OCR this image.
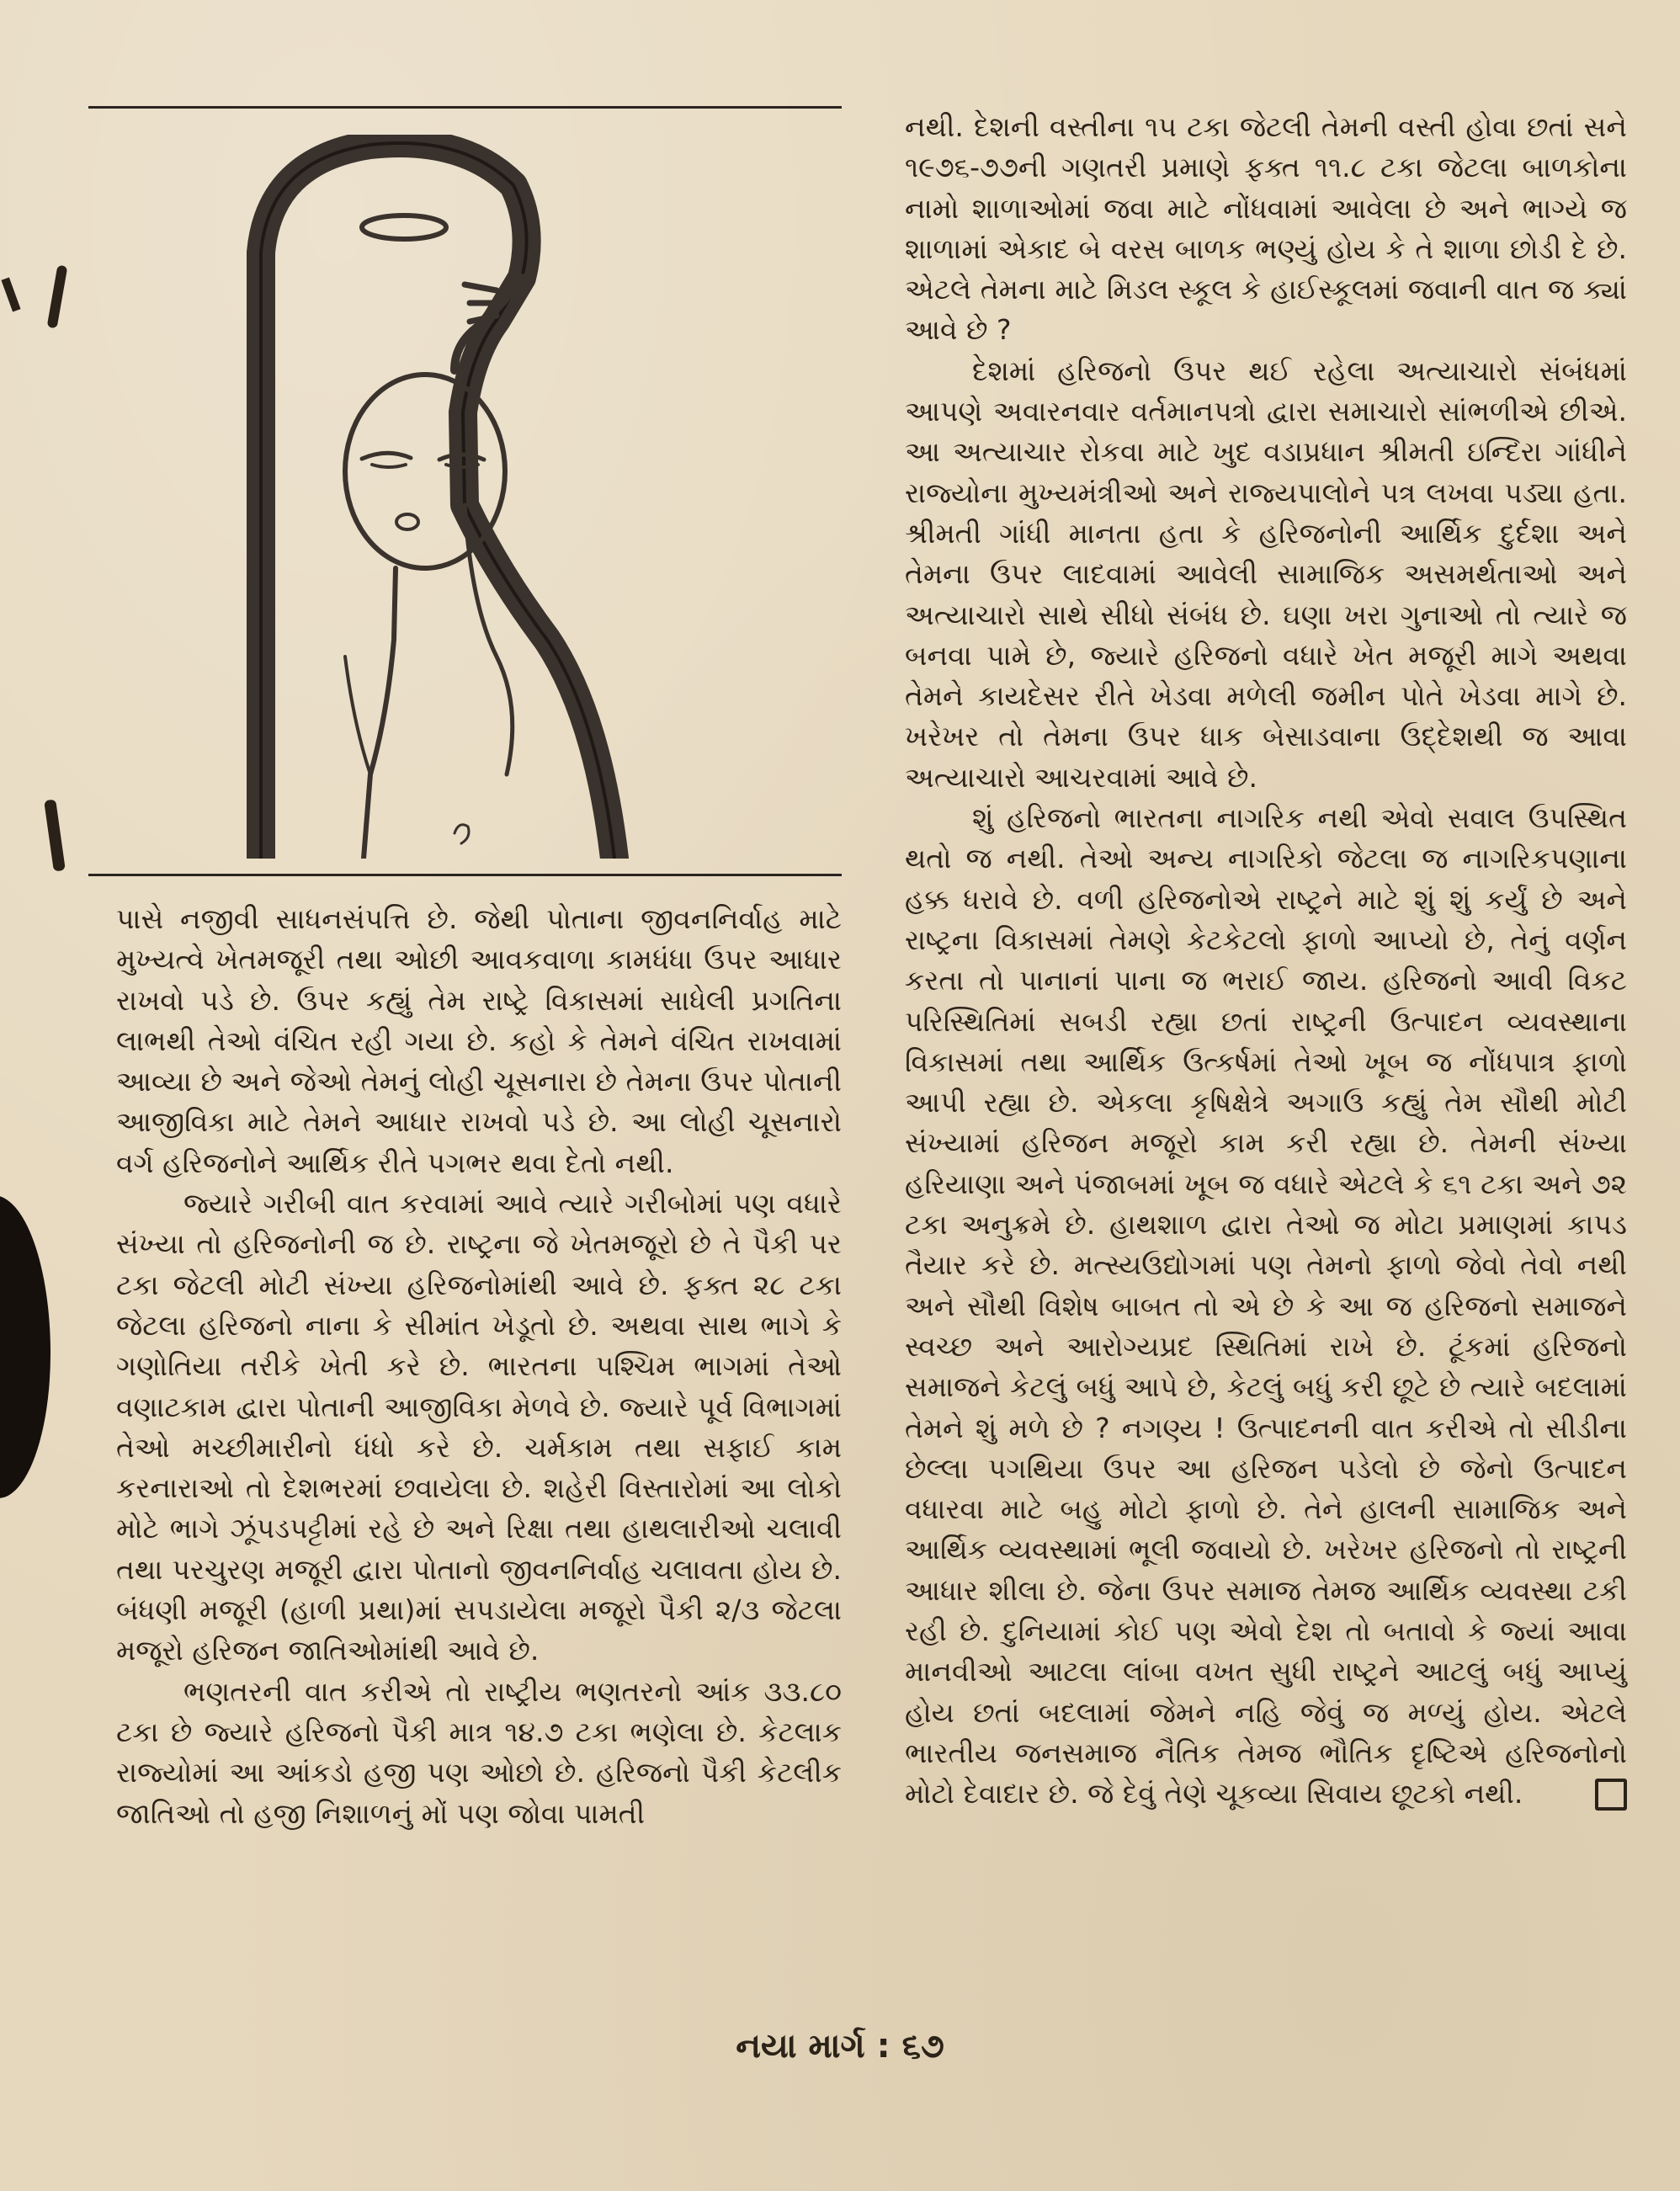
નથી. દેશની વસ્તીના ૧૫ ટકા જેટલી તેમની વસ્તી હોવા છતાં સને ૧૯૭૬-૭૭ની ગણતરી પ્રમાણે ફક્ત ૧૧.૮ ટકા જેટલા બાળકોના નામો શાળાઓમાં જવા માટે નોંધવામાં આવેલા છે અને ભાગ્યે જ શાળામાં એકાદ બે વરસ બાળક ભણ્યું હોય કે તે શાળા છોડી દે છે. એટલે તેમના માટે મિડલ સ્કૂલ કે હાઈસ્કૂલમાં જવાની વાત જ ક્યાં આવે છે ?

દેશમાં હરિજનો ઉપર થઈ રહેલા અત્યાચારો સંબંધમાં આપણે અવારનવાર વર્તમાનપત્રો દ્વારા સમાચારો સાંભળીએ છીએ. આ અત્યાચાર રોકવા માટે ખુદ વડાપ્રધાન શ્રીમતી ઇન્દિરા ગાંધીને રાજ્યોના મુખ્યમંત્રીઓ અને રાજ્યપાલોને પત્ર લખવા પડ્યા હતા. શ્રીમતી ગાંધી માનતા હતા કે હરિજનોની આર્થિક દુર્દશા અને તેમના ઉપર લાદવામાં આવેલી સામાજિક અસમર્થતાઓ અને અત્યાચારો સાથે સીધો સંબંધ છે. ઘણા ખરા ગુનાઓ તો ત્યારે જ બનવા પામે છે, જ્યારે હરિજનો વધારે ખેત મજૂરી માગે અથવા તેમને કાયદેસર રીતે ખેડવા મળેલી જમીન પોતે ખેડવા માગે છે. ખરેખર તો તેમના ઉપર ધાક બેસાડવાના ઉદ્દેશથી જ આવા અત્યાચારો આચરવામાં આવે છે.

શું હરિજનો ભારતના નાગરિક નથી એવો સવાલ ઉપસ્થિત થતો જ નથી. તેઓ અન્ય નાગરિકો જેટલા જ નાગરિકપણાના હક્ક ધરાવે છે. વળી હરિજનોએ રાષ્ટ્રને માટે શું શું કર્યું છે અને રાષ્ટ્રના વિકાસમાં તેમણે કેટકેટલો ફાળો આપ્યો છે, તેનું વર્ણન કરતા તો પાનાનાં પાના જ ભરાઈ જાય. હરિજનો આવી વિકટ પરિસ્થિતિમાં સબડી રહ્યા છતાં રાષ્ટ્રની ઉત્પાદન વ્યવસ્થાના વિકાસમાં તથા આર્થિક ઉત્કર્ષમાં તેઓ ખૂબ જ નોંધપાત્ર ફાળો આપી રહ્યા છે. એકલા કૃષિક્ષેત્રે અગાઉ કહ્યું તેમ સૌથી મોટી સંખ્યામાં હરિજન મજૂરો કામ કરી રહ્યા છે. તેમની સંખ્યા હરિયાણા અને પંજાબમાં ખૂબ જ વધારે એટલે કે ૬૧ ટકા અને ૭૨ ટકા અનુક્રમે છે. હાથશાળ દ્વારા તેઓ જ મોટા પ્રમાણમાં કાપડ તૈયાર કરે છે. મત્સ્યઉદ્યોગમાં પણ તેમનો ફાળો જેવો તેવો નથી અને સૌથી વિશેષ બાબત તો એ છે કે આ જ હરિજનો સમાજને સ્વચ્છ અને આરોગ્યપ્રદ સ્થિતિમાં રાખે છે. ટૂંકમાં હરિજનો સમાજને કેટલું બધું આપે છે, કેટલું બધું કરી છૂટે છે ત્યારે બદલામાં તેમને શું મળે છે ? નગણ્ય ! ઉત્પાદનની વાત કરીએ તો સીડીના છેલ્લા પગથિયા ઉપર આ હરિજન પડેલો છે જેનો ઉત્પાદન વધારવા માટે બહુ મોટો ફાળો છે. તેને હાલની સામાજિક અને આર્થિક વ્યવસ્થામાં ભૂલી જવાયો છે. ખરેખર હરિજનો તો રાષ્ટ્રની આધાર શીલા છે. જેના ઉપર સમાજ તેમજ આર્થિક વ્યવસ્થા ટકી રહી છે. દુનિયામાં કોઈ પણ એવો દેશ તો બતાવો કે જ્યાં આવા માનવીઓ આટલા લાંબા વખત સુધી રાષ્ટ્રને આટલું બધું આપ્યું હોય છતાં બદલામાં જેમને નહિ જેવું જ મળ્યું હોય. એટલે ભારતીય જનસમાજ નૈતિક તેમજ ભૌતિક દૃષ્ટિએ હરિજનોનો મોટો દેવાદાર છે. જે દેવું તેણે ચૂકવ્યા સિવાય છૂટકો નથી.

પાસે નજીવી સાધનસંપત્તિ છે. જેથી પોતાના જીવનનિર્વાહ માટે મુખ્યત્વે ખેતમજૂરી તથા ઓછી આવકવાળા કામધંધા ઉપર આધાર રાખવો પડે છે. ઉપર કહ્યું તેમ રાષ્ટ્રે વિકાસમાં સાધેલી પ્રગતિના લાભથી તેઓ વંચિત રહી ગયા છે. કહો કે તેમને વંચિત રાખવામાં આવ્યા છે અને જેઓ તેમનું લોહી ચૂસનારા છે તેમના ઉપર પોતાની આજીવિકા માટે તેમને આધાર રાખવો પડે છે. આ લોહી ચૂસનારો વર્ગ હરિજનોને આર્થિક રીતે પગભર થવા દેતો નથી.

જ્યારે ગરીબી વાત કરવામાં આવે ત્યારે ગરીબોમાં પણ વધારે સંખ્યા તો હરિજનોની જ છે. રાષ્ટ્રના જે ખેતમજૂરો છે તે પૈકી પર ટકા જેટલી મોટી સંખ્યા હરિજનોમાંથી આવે છે. ફક્ત ૨૮ ટકા જેટલા હરિજનો નાના કે સીમાંત ખેડૂતો છે. અથવા સાથ ભાગે કે ગણોતિયા તરીકે ખેતી કરે છે. ભારતના પશ્ચિમ ભાગમાં તેઓ વણાટકામ દ્વારા પોતાની આજીવિકા મેળવે છે. જ્યારે પૂર્વ વિભાગમાં તેઓ મચ્છીમારીનો ધંધો કરે છે. ચર્મકામ તથા સફાઈ કામ કરનારાઓ તો દેશભરમાં છવાયેલા છે. શહેરી વિસ્તારોમાં આ લોકો મોટે ભાગે ઝૂંપડપટ્ટીમાં રહે છે અને રિક્ષા તથા હાથલારીઓ ચલાવી તથા પરચુરણ મજૂરી દ્વારા પોતાનો જીવનનિર્વાહ ચલાવતા હોય છે. બંધણી મજૂરી (હાળી પ્રથા)માં સપડાયેલા મજૂરો પૈકી ૨/૩ જેટલા મજૂરો હરિજન જાતિઓમાંથી આવે છે.

ભણતરની વાત કરીએ તો રાષ્ટ્રીય ભણતરનો આંક ૩૩.૮૦ ટકા છે જ્યારે હરિજનો પૈકી માત્ર ૧૪.૭ ટકા ભણેલા છે. કેટલાક રાજ્યોમાં આ આંકડો હજી પણ ઓછો છે. હરિજનો પૈકી કેટલીક જાતિઓ તો હજી નિશાળનું મોં પણ જોવા પામતી

નયા માર્ગ : ૬૭
